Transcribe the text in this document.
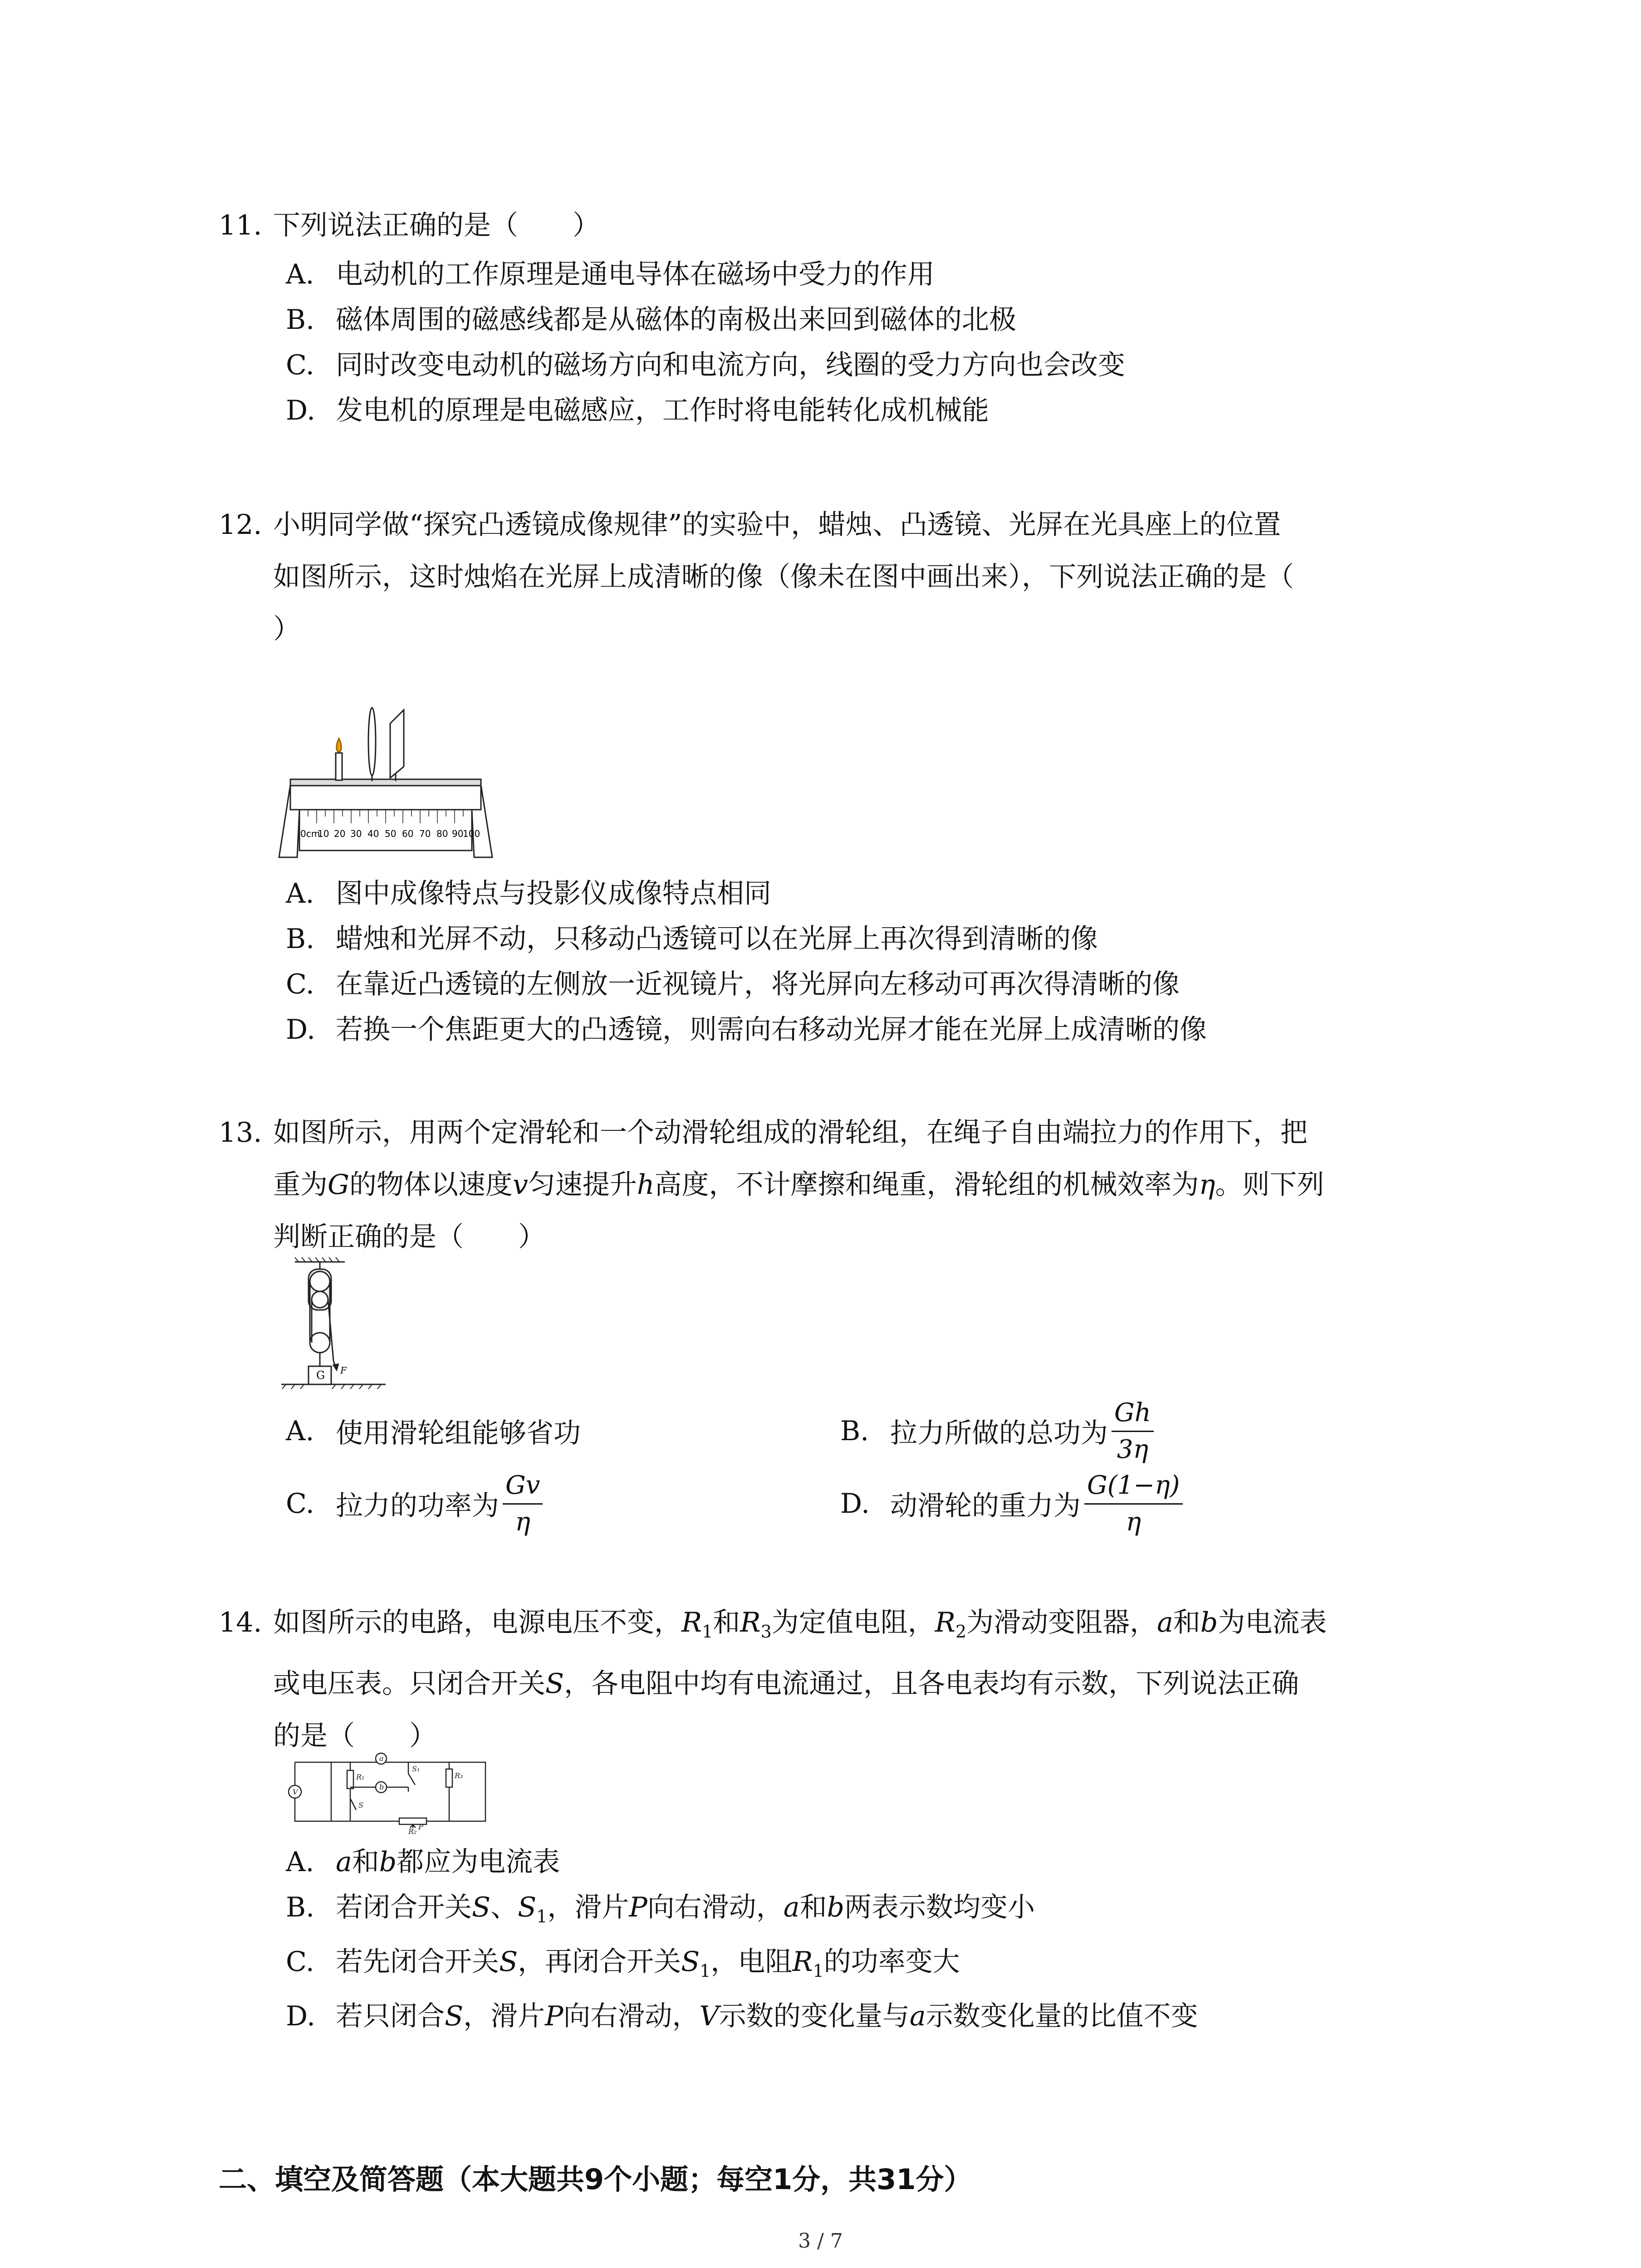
11. 下列说法正确的是（　　）
A. 电动机的工作原理是通电导体在磁场中受力的作用
B. 磁体周围的磁感线都是从磁体的南极出来回到磁体的北极
C. 同时改变电动机的磁场方向和电流方向，线圈的受力方向也会改变
D. 发电机的原理是电磁感应，工作时将电能转化成机械能
12. 小明同学做“探究凸透镜成像规律”的实验中，蜡烛、凸透镜、光屏在光具座上的位置
如图所示，这时烛焰在光屏上成清晰的像（像未在图中画出来），下列说法正确的是（
）
0cm
10 20 30 40 50 60 70 80 90
100
A. 图中成像特点与投影仪成像特点相同
B. 蜡烛和光屏不动，只移动凸透镜可以在光屏上再次得到清晰的像
C. 在靠近凸透镜的左侧放一近视镜片，将光屏向左移动可再次得清晰的像
D. 若换一个焦距更大的凸透镜，则需向右移动光屏才能在光屏上成清晰的像
13. 如图所示，用两个定滑轮和一个动滑轮组成的滑轮组，在绳子自由端拉力的作用下，把
重为G的物体以速度v匀速提升h高度，不计摩擦和绳重，滑轮组的机械效率为η。则下列
判断正确的是（　　）
G F
A. 使用滑轮组能够省功	B. 拉力所做的总功为 $\frac{Gh}{3\eta}$
C. 拉力的功率为 $\frac{Gv}{\eta}$	D. 动滑轮的重力为 $\frac{G(1-\eta)}{\eta}$
14. 如图所示的电路，电源电压不变，$R_1$和$R_3$为定值电阻，$R_2$为滑动变阻器，a和b为电流表
或电压表。只闭合开关S，各电阻中均有电流通过，且各电表均有示数，下列说法正确
的是（　　）
V
a
b
R₁
S₁
R₃
S
R₂
P
A. a和b都应为电流表
B. 若闭合开关S、$S_1$，滑片P向右滑动，a和b两表示数均变小
C. 若先闭合开关S，再闭合开关$S_1$，电阻$R_1$的功率变大
D. 若只闭合S，滑片P向右滑动，V示数的变化量与a示数变化量的比值不变
二、填空及简答题（本大题共9个小题；每空1分，共31分）
3 / 7
